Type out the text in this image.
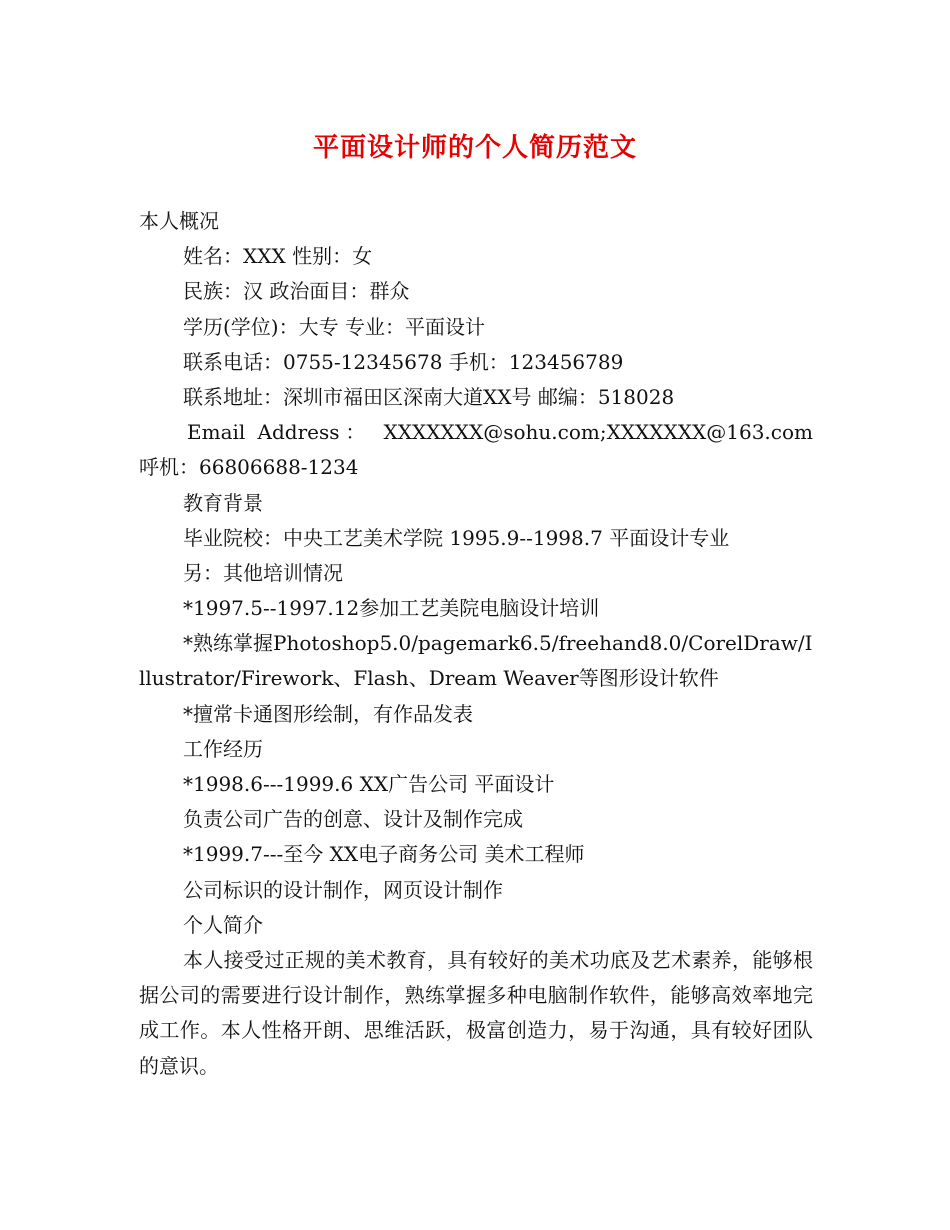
平面设计师的个人简历范文
本人概况
姓名：XXX 性别：女
民族：汉 政治面目：群众
学历(学位)：大专 专业：平面设计
联系电话：0755-12345678 手机：123456789
联系地址：深圳市福田区深南大道XX号 邮编：518028
Email Address： XXXXXXX@sohu.com;XXXXXXX@163.com 呼机：66806688-1234
教育背景
毕业院校：中央工艺美术学院 1995.9--1998.7 平面设计专业
另：其他培训情况
*1997.5--1997.12参加工艺美院电脑设计培训
*熟练掌握Photoshop5.0/pagemark6.5/freehand8.0/CorelDraw/Illustrator/Firework、Flash、Dream Weaver等图形设计软件
*擅常卡通图形绘制，有作品发表
工作经历
*1998.6---1999.6 XX广告公司 平面设计
负责公司广告的创意、设计及制作完成
*1999.7---至今 XX电子商务公司 美术工程师
公司标识的设计制作，网页设计制作
个人简介
本人接受过正规的美术教育，具有较好的美术功底及艺术素养，能够根据公司的需要进行设计制作，熟练掌握多种电脑制作软件，能够高效率地完成工作。本人性格开朗、思维活跃，极富创造力，易于沟通，具有较好团队的意识。
